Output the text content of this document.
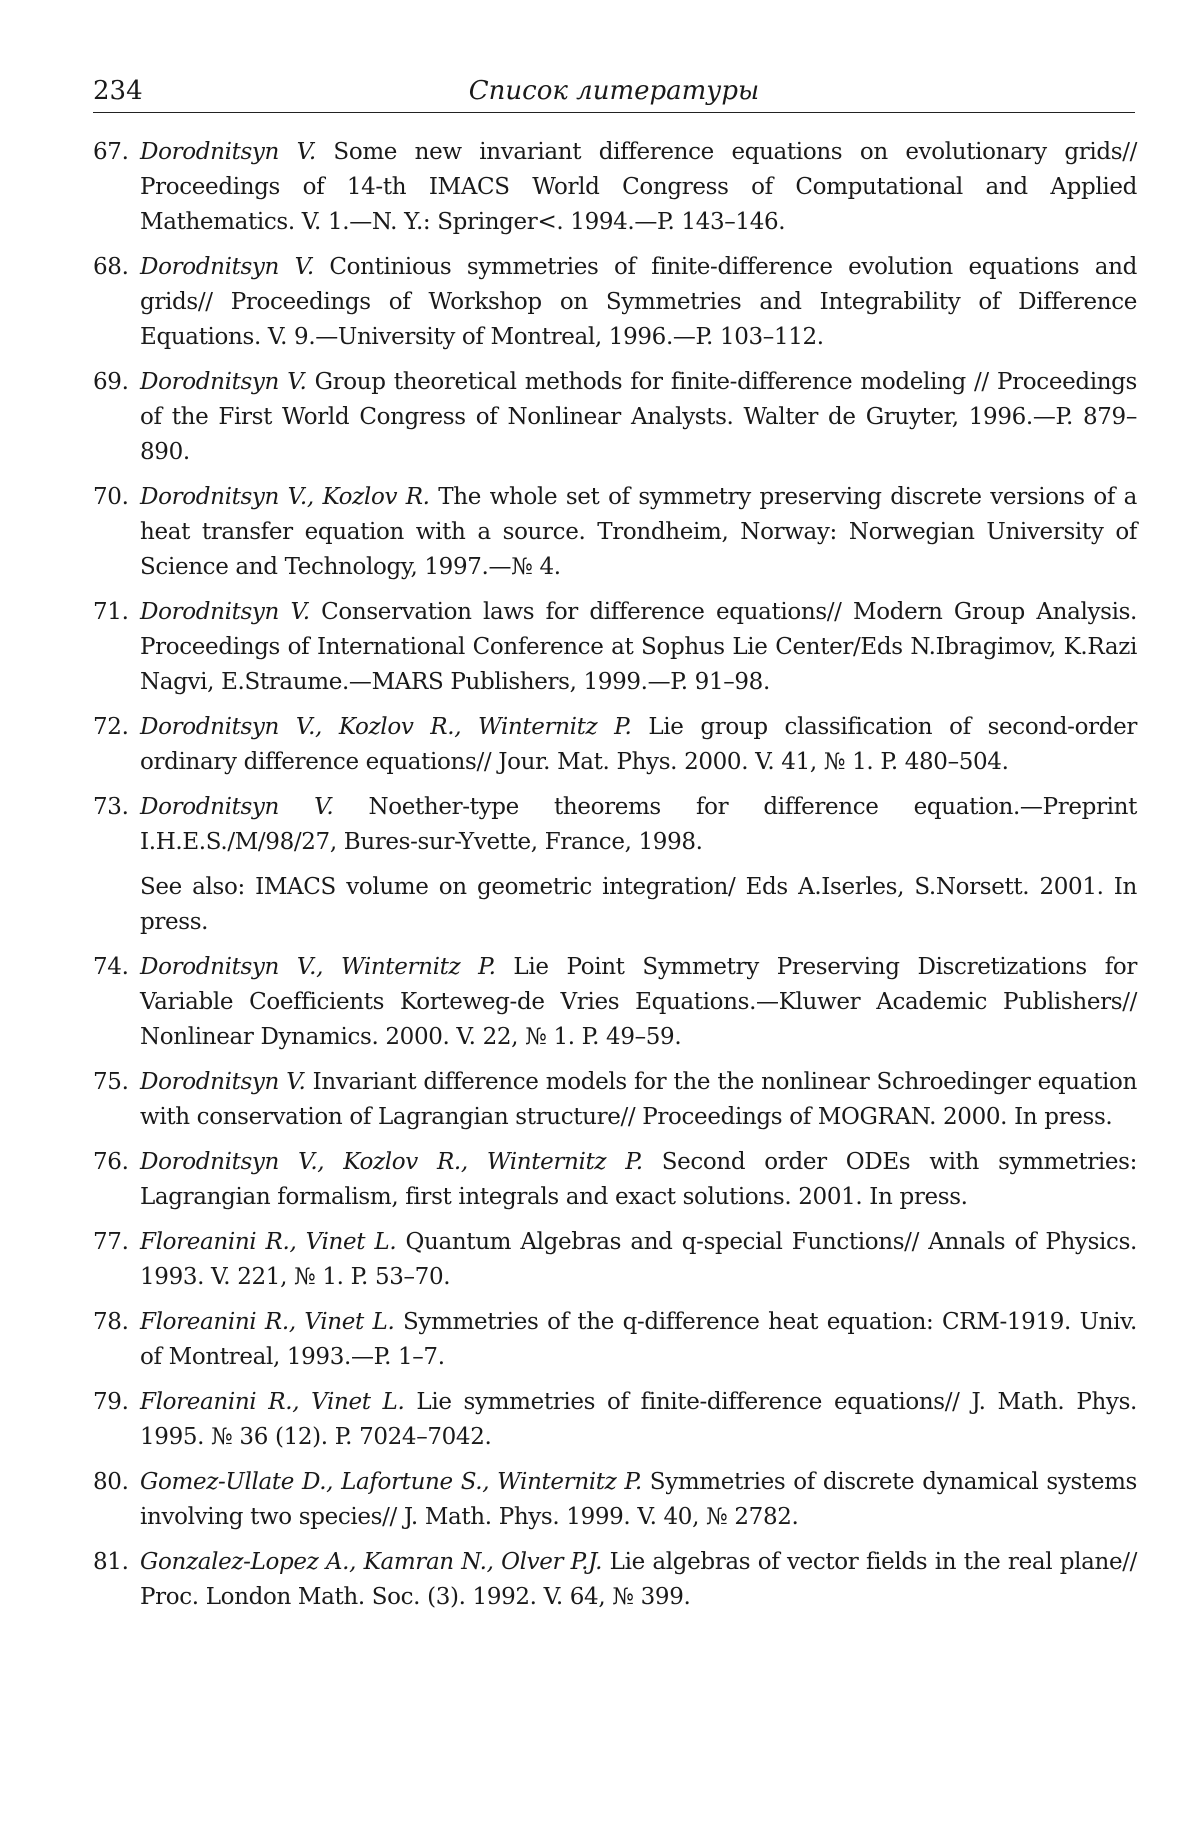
234	Список литературы
67. Dorodnitsyn V. Some new invariant difference equations on evolutionary grids// Proceedings of 14-th IMACS World Congress of Computational and Applied Mathematics. V. 1.—N. Y.: Springer<. 1994.—P. 143–146.
68. Dorodnitsyn V. Continious symmetries of finite-difference evolution equations and grids// Proceedings of Workshop on Symmetries and Integrability of Difference Equations. V. 9.—University of Montreal, 1996.—P. 103–112.
69. Dorodnitsyn V. Group theoretical methods for finite-difference modeling // Proceedings of the First World Congress of Nonlinear Analysts. Walter de Gruyter, 1996.—P. 879–890.
70. Dorodnitsyn V., Kozlov R. The whole set of symmetry preserving discrete versions of a heat transfer equation with a source. Trondheim, Norway: Norwegian University of Science and Technology, 1997.—№ 4.
71. Dorodnitsyn V. Conservation laws for difference equations// Modern Group Analysis. Proceedings of International Conference at Sophus Lie Center/Eds N.Ibragimov, K.Razi Nagvi, E.Straume.—MARS Publishers, 1999.—P. 91–98.
72. Dorodnitsyn V., Kozlov R., Winternitz P. Lie group classification of second-order ordinary difference equations// Jour. Mat. Phys. 2000. V. 41, № 1. P. 480–504.
73. Dorodnitsyn V. Noether-type theorems for difference equation.—Preprint I.H.E.S./M/98/27, Bures-sur-Yvette, France, 1998.
See also: IMACS volume on geometric integration/ Eds A.Iserles, S.Norsett. 2001. In press.
74. Dorodnitsyn V., Winternitz P. Lie Point Symmetry Preserving Discretizations for Variable Coefficients Korteweg-de Vries Equations.—Kluwer Academic Publishers// Nonlinear Dynamics. 2000. V. 22, № 1. P. 49–59.
75. Dorodnitsyn V. Invariant difference models for the the nonlinear Schroedinger equation with conservation of Lagrangian structure// Proceedings of MOGRAN. 2000. In press.
76. Dorodnitsyn V., Kozlov R., Winternitz P. Second order ODEs with symmetries: Lagrangian formalism, first integrals and exact solutions. 2001. In press.
77. Floreanini R., Vinet L. Quantum Algebras and q-special Functions// Annals of Physics. 1993. V. 221, № 1. P. 53–70.
78. Floreanini R., Vinet L. Symmetries of the q-difference heat equation: CRM-1919. Univ. of Montreal, 1993.—P. 1–7.
79. Floreanini R., Vinet L. Lie symmetries of finite-difference equations// J. Math. Phys. 1995. № 36 (12). P. 7024–7042.
80. Gomez-Ullate D., Lafortune S., Winternitz P. Symmetries of discrete dynamical systems involving two species// J. Math. Phys. 1999. V. 40, № 2782.
81. Gonzalez-Lopez A., Kamran N., Olver P.J. Lie algebras of vector fields in the real plane// Proc. London Math. Soc. (3). 1992. V. 64, № 399.
